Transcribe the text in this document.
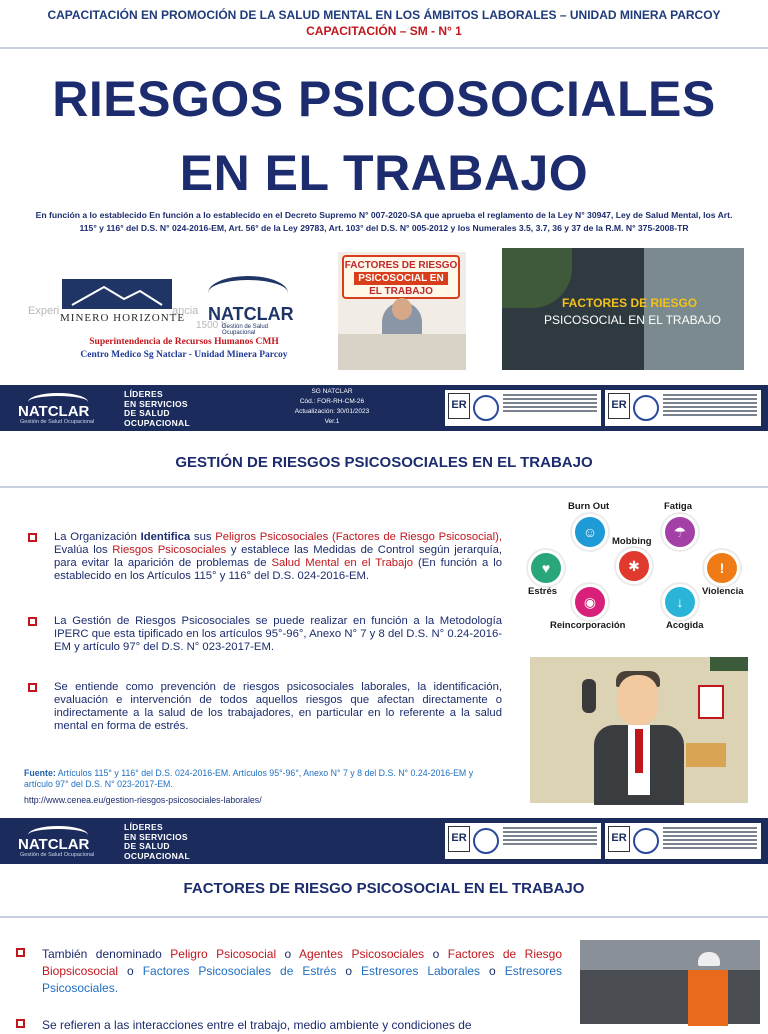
CAPACITACIÓN EN PROMOCIÓN DE LA SALUD MENTAL EN LOS ÁMBITOS LABORALES – UNIDAD MINERA PARCOY
CAPACITACIÓN – SM - N° 1
RIESGOS PSICOSOCIALES
EN EL TRABAJO
En función a lo establecido En función a lo establecido en el Decreto Supremo N° 007-2020-SA que aprueba el reglamento de la Ley N° 30947, Ley de Salud Mental, los Art. 115° y 116° del D.S. N° 024-2016-EM, Art. 56° de la Ley 29783, Art. 103° del D.S. N° 005-2012 y los Numerales 3.5, 3.7, 36 y 37 de la R.M. N° 375-2008-TR
Experi	ancia
MINERO HORIZONTE NATCLAR
1500 tr
Gestión de Salud Ocupacional
Superintendencia de Recursos Humanos CMH
Centro Medico Sg Natclar - Unidad Minera Parcoy
FACTORES DE RIESGO
PSICOSOCIAL EN
EL TRABAJO
FACTORES DE RIESGO
PSICOSOCIAL EN EL TRABAJO
NATCLAR
Gestión de Salud Ocupacional
LÍDERES
EN SERVICIOS
DE SALUD
OCUPACIONAL
SG NATCLAR
Cód.: FOR-RH-CM-26
Actualización: 30/01/2023
Ver.1
ER	ER
GESTIÓN DE RIESGOS PSICOSOCIALES EN EL TRABAJO
La Organización Identifica sus Peligros Psicosociales (Factores de Riesgo Psicosocial), Evalúa los Riesgos Psicosociales y establece las Medidas de Control según jerarquía, para evitar la aparición de problemas de Salud Mental en el Trabajo (En función a lo establecido en los Artículos 115° y 116° del D.S. 024-2016-EM.
La Gestión de Riesgos Psicosociales se puede realizar en función a la Metodología IPERC que esta tipificado en los artículos 95°-96°, Anexo N° 7 y 8 del D.S. N° 0.24-2016-EM y artículo 97° del D.S. N° 023-2017-EM.
Se entiende como prevención de riesgos psicosociales laborales, la identificación, evaluación e intervención de todos aquellos riesgos que afectan directamente o indirectamente a la salud de los trabajadores, en particular en lo referente a la salud mental en forma de estrés.
Fuente: Artículos 115° y 116° del D.S. 024-2016-EM. Artículos 95°-96°, Anexo N° 7 y 8 del D.S. N° 0.24-2016-EM y artículo 97° del D.S. N° 023-2017-EM.
http://www.cenea.eu/gestion-riesgos-psicosociales-laborales/
Burn Out
☺
Fatiga
☂
Mobbing
✱
♥
Estrés
!
Violencia
◉
Reincorporación
↓
Acogida
NATCLAR
Gestión de Salud Ocupacional
LÍDERES
EN SERVICIOS
DE SALUD
OCUPACIONAL
ER	ER
FACTORES DE RIESGO PSICOSOCIAL EN EL TRABAJO
También denominado Peligro Psicosocial o Agentes Psicosociales o Factores de Riesgo Biopsicosocial o Factores Psicosociales de Estrés o Estresores Laborales o Estresores Psicosociales.
Se refieren a las interacciones entre el trabajo, medio ambiente y condiciones de
